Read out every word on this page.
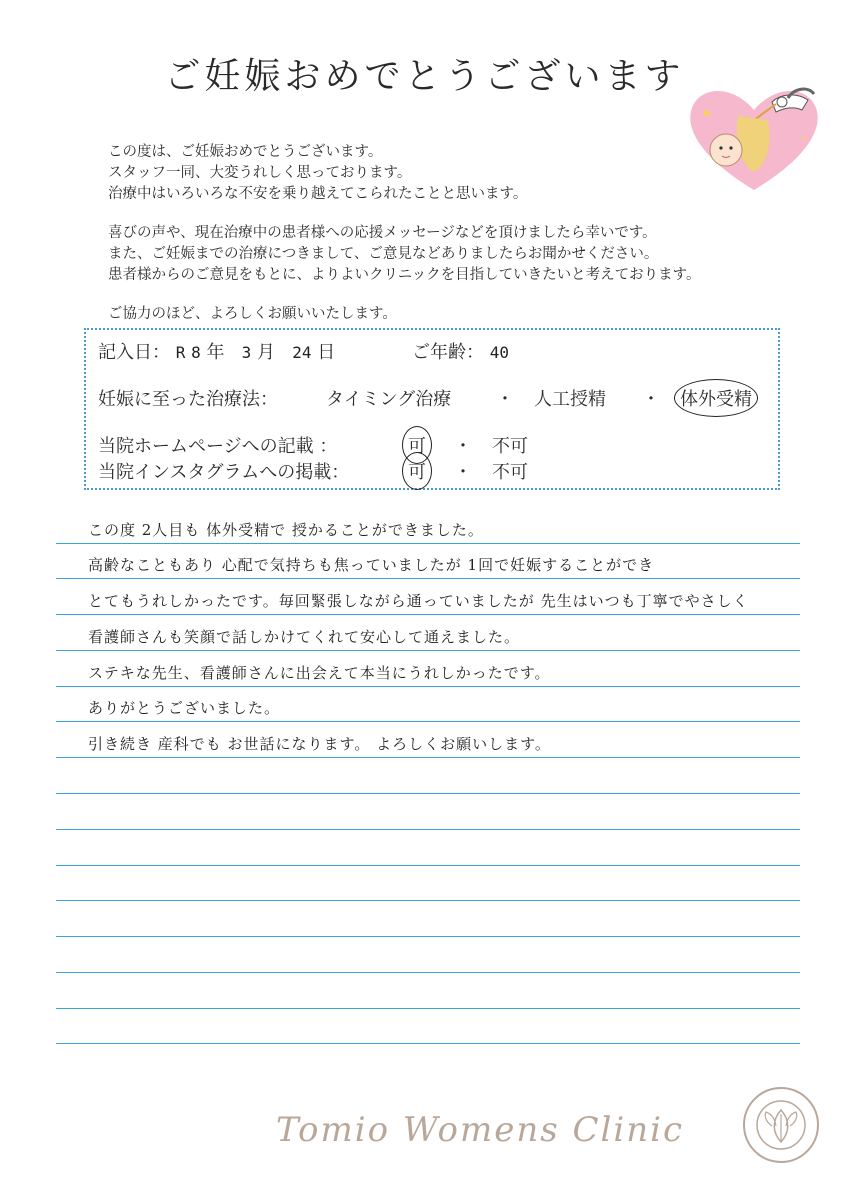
ご妊娠おめでとうございます

この度は、ご妊娠おめでとうございます。

スタッフ一同、大変うれしく思っております。

治療中はいろいろな不安を乗り越えてこられたことと思います。

喜びの声や、現在治療中の患者様への応援メッセージなどを頂けましたら幸いです。

また、ご妊娠までの治療につきまして、ご意見などありましたらお聞かせください。

患者様からのご意見をもとに、よりよいクリニックを目指していきたいと考えております。

ご協力のほど、よろしくお願いいたします。

記入日： R 8 年 3 月 24 日	ご年齢： 40
妊娠に至った治療法：	タイミング治療 ・ 人工授精 ・ 体外受精
当院ホームページへの記載 ：	可 ・ 不可
当院インスタグラムへの掲載：	可 ・ 不可
この度 2人目も 体外受精で 授かることができました。
高齢なこともあり 心配で気持ちも焦っていましたが 1回で妊娠することができ
とてもうれしかったです。毎回緊張しながら通っていましたが 先生はいつも丁寧でやさしく
看護師さんも笑顔で話しかけてくれて安心して通えました。
ステキな先生、看護師さんに出会えて本当にうれしかったです。
ありがとうございました。
引き続き 産科でも お世話になります。 よろしくお願いします。
Tomio Womens Clinic
